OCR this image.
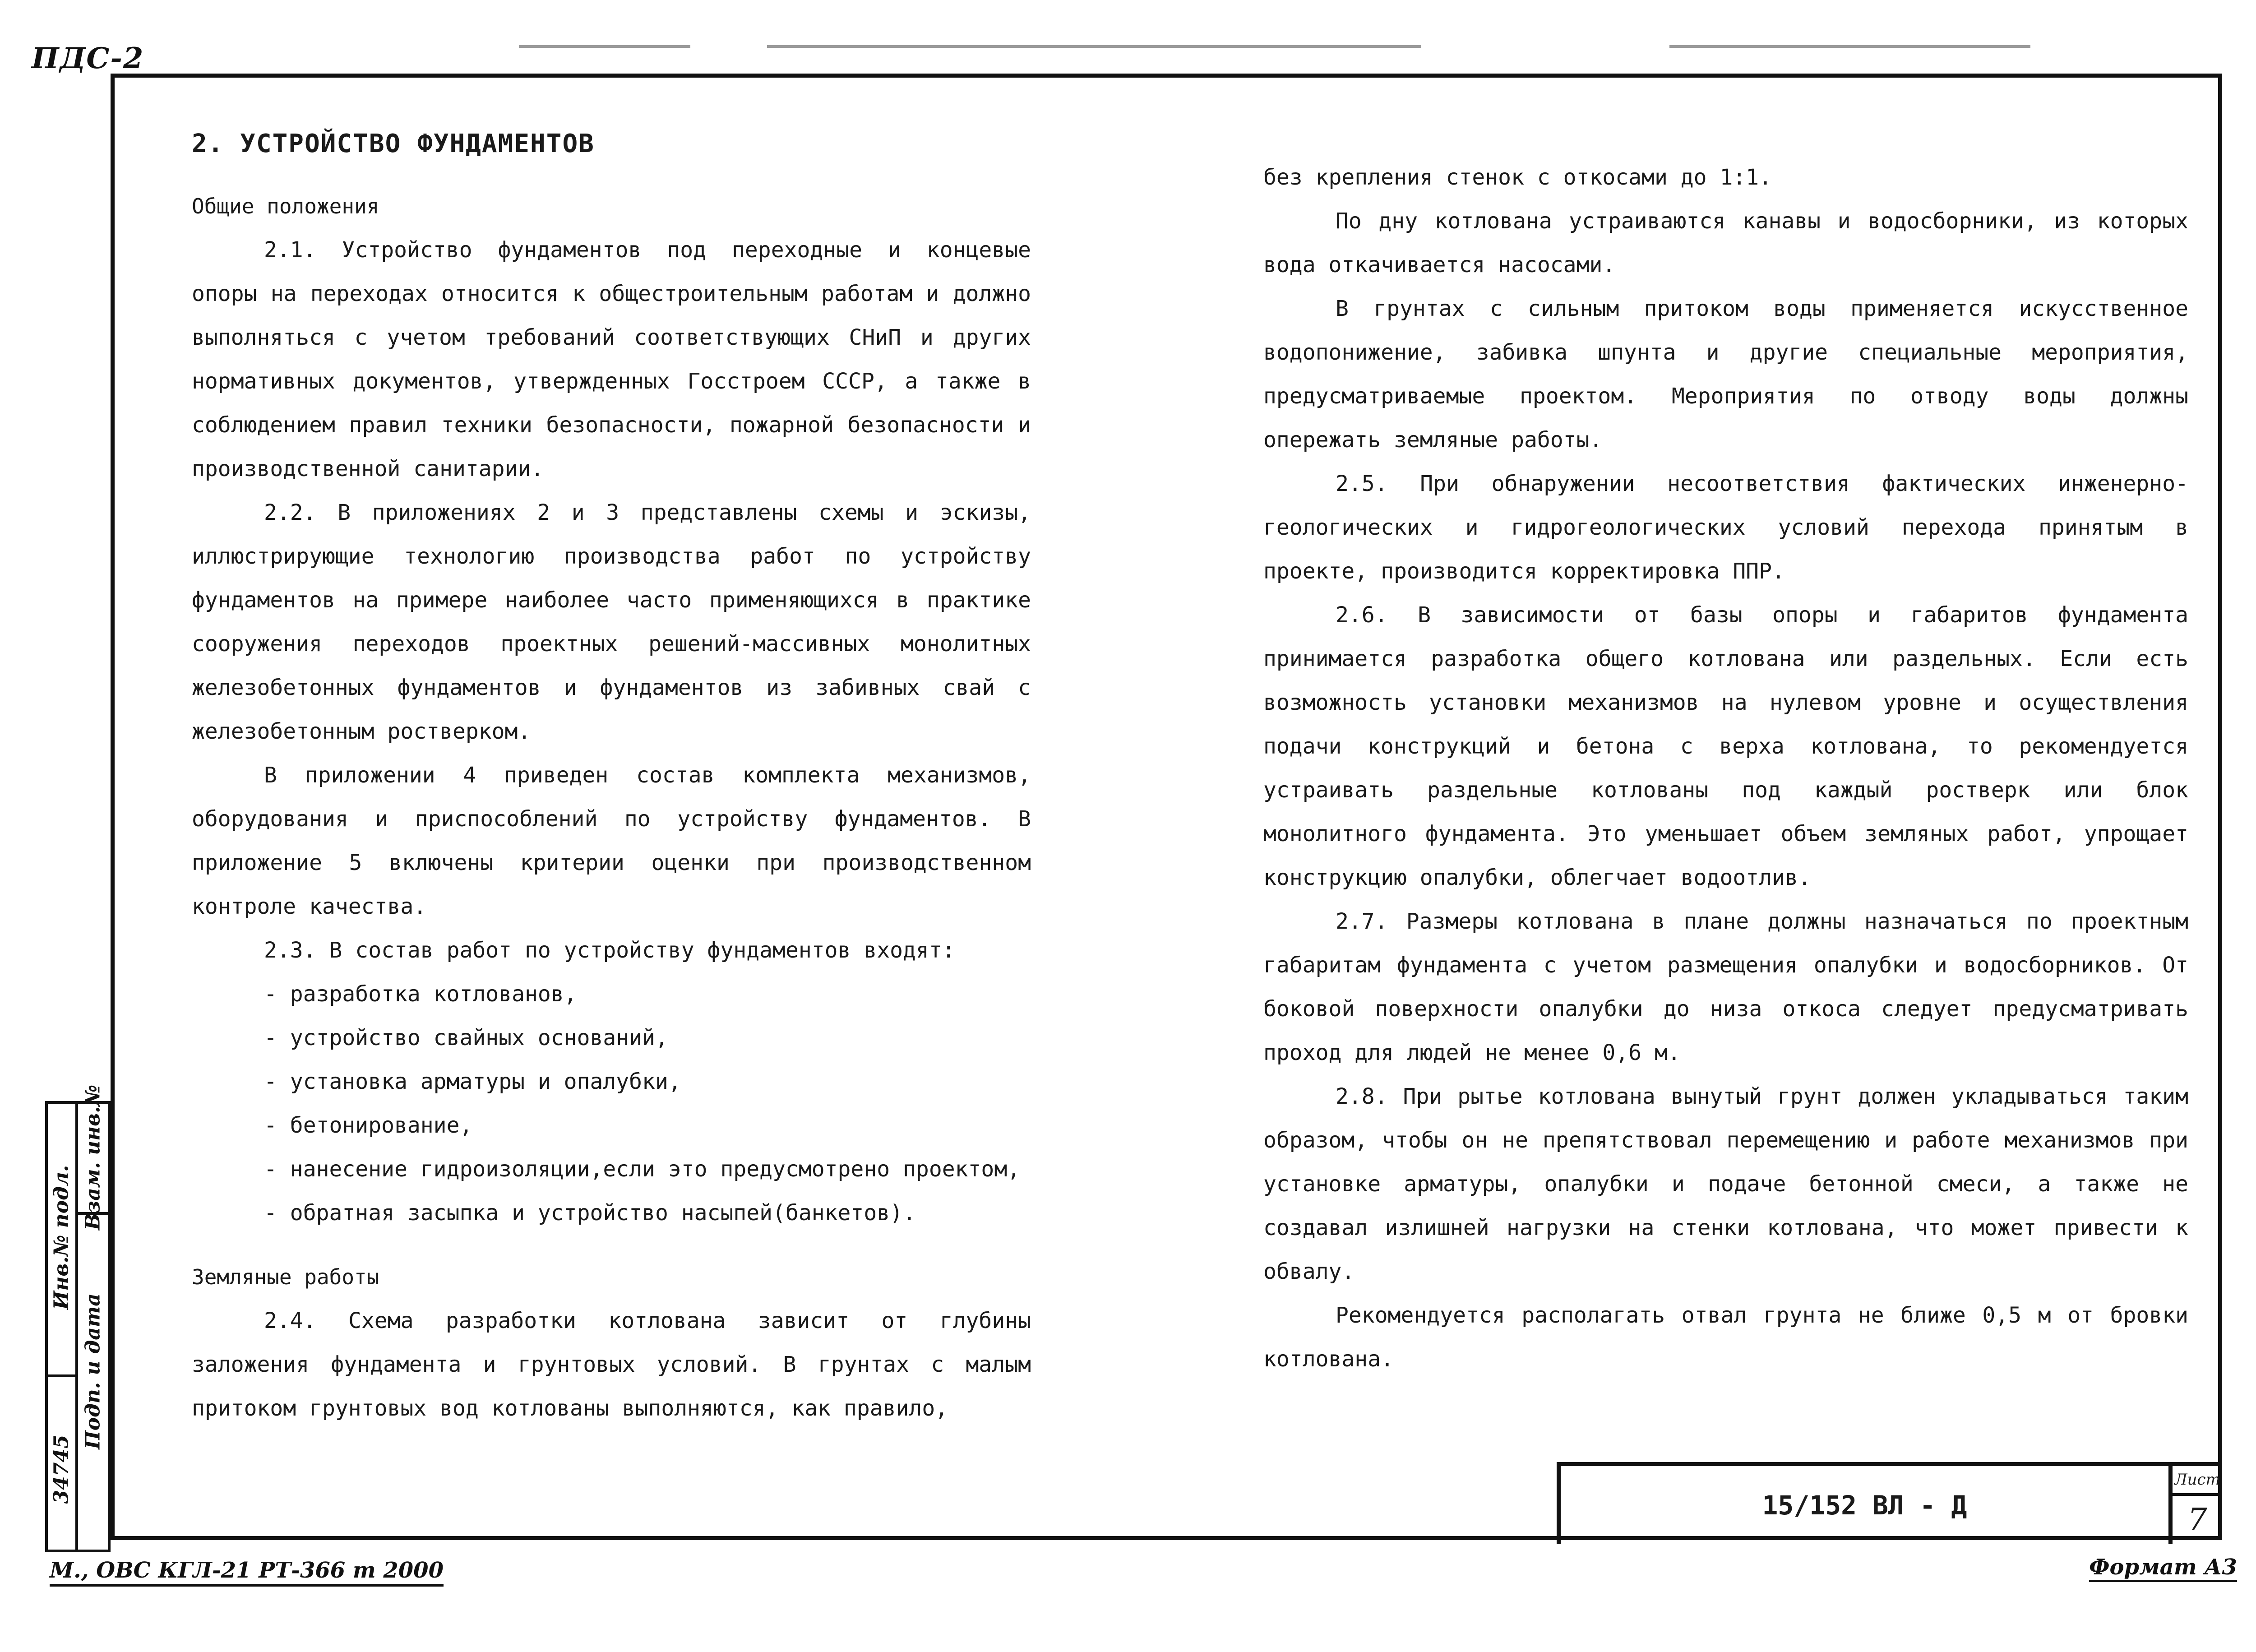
ПДС-2
34745
Инв.№ подл.
Взам. инв.№
Подп. и дата

2. УСТРОЙСТВО ФУНДАМЕНТОВ

Общие положения

2.1. Устройство фундаментов под переходные и концевые опоры на переходах относится к общестроительным работам и должно выполняться с учетом требований соответствующих СНиП и других нормативных документов, утвержденных Госстроем СССР, а также в соблюдением правил техники безопасности, пожарной безопасности и производственной санитарии.

2.2. В приложениях 2 и 3 представлены схемы и эскизы, иллюстрирующие технологию производства работ по устройству фундаментов на примере наиболее часто применяющихся в практике сооружения переходов проектных решений-массивных монолитных железобетонных фундаментов и фундаментов из забивных свай с железобетонным ростверком.

В приложении 4 приведен состав комплекта механизмов, оборудования и приспособлений по устройству фундаментов. В приложение 5 включены критерии оценки при производственном контроле качества.

2.3. В состав работ по устройству фундаментов входят:

- разработка котлованов,
- устройство свайных оснований,
- установка арматуры и опалубки,
- бетонирование,
- нанесение гидроизоляции,если это предусмотрено проектом,
- обратная засыпка и устройство насыпей(банкетов).

Земляные работы

2.4. Схема разработки котлована зависит от глубины заложения фундамента и грунтовых условий. В грунтах с малым притоком грунтовых вод котлованы выполняются, как правило,

без крепления стенок с откосами до 1:1.

По дну котлована устраиваются канавы и водосборники, из которых вода откачивается насосами.

В грунтах с сильным притоком воды применяется искусственное водопонижение, забивка шпунта и другие специальные мероприятия, предусматриваемые проектом. Мероприятия по отводу воды должны опережать земляные работы.

2.5. При обнаружении несоответствия фактических инженерно-геологических и гидрогеологических условий перехода принятым в проекте, производится корректировка ППР.

2.6. В зависимости от базы опоры и габаритов фундамента принимается разработка общего котлована или раздельных. Если есть возможность установки механизмов на нулевом уровне и осуществления подачи конструкций и бетона с верха котлована, то рекомендуется устраивать раздельные котлованы под каждый ростверк или блок монолитного фундамента. Это уменьшает объем земляных работ, упрощает конструкцию опалубки, облегчает водоотлив.

2.7. Размеры котлована в плане должны назначаться по проектным габаритам фундамента с учетом размещения опалубки и водосборников. От боковой поверхности опалубки до низа откоса следует предусматривать проход для людей не менее 0,6 м.

2.8. При рытье котлована вынутый грунт должен укладываться таким образом, чтобы он не препятствовал перемещению и работе механизмов при установке арматуры, опалубки и подаче бетонной смеси, а также не создавал излишней нагрузки на стенки котлована, что может привести к обвалу.

Рекомендуется располагать отвал грунта не ближе 0,5 м от бровки котлована.

15/152 ВЛ - Д
Лист
7
М., ОВС КГЛ-21 РТ-366 т 2000	Формат А3
